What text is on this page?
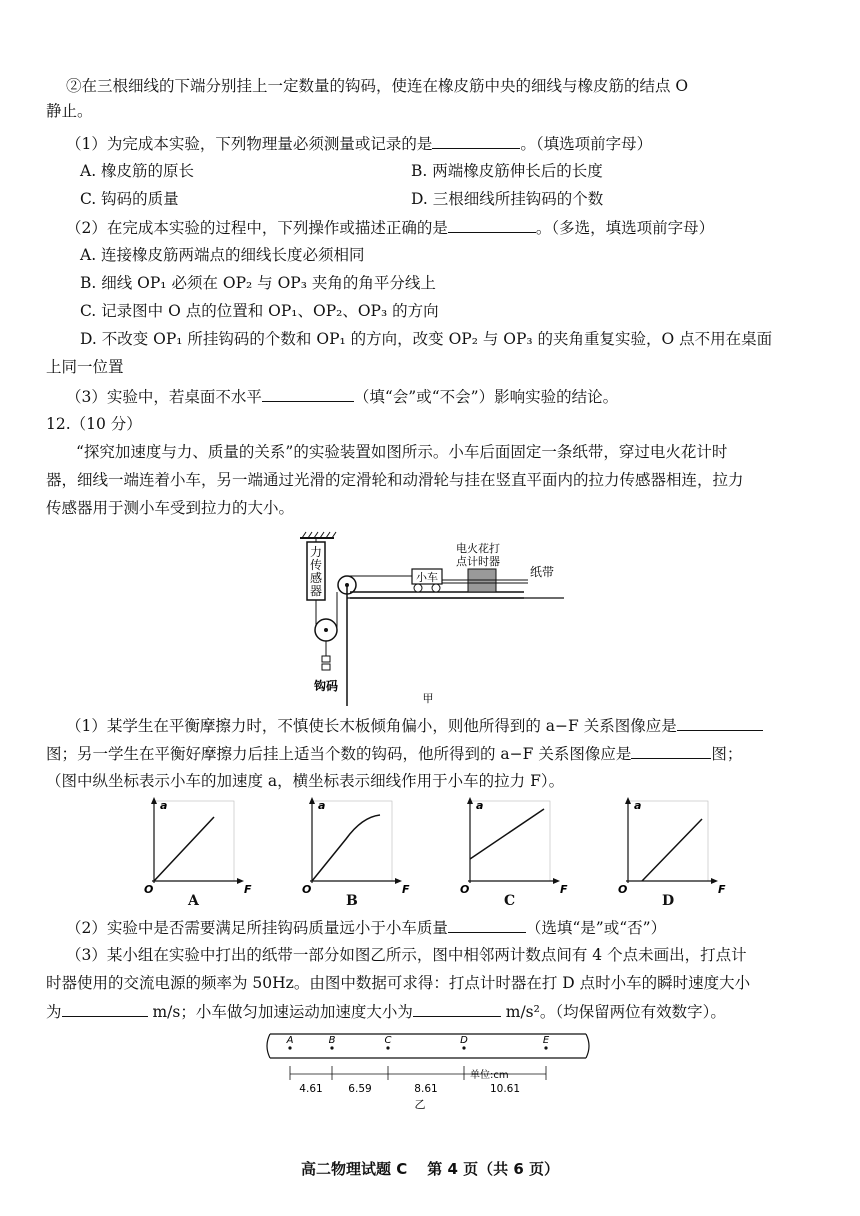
②在三根细线的下端分别挂上一定数量的钩码，使连在橡皮筋中央的细线与橡皮筋的结点 O
静止。
（1）为完成本实验，下列物理量必须测量或记录的是	。（填选项前字母）
A. 橡皮筋的原长	B. 两端橡皮筋伸长后的长度
C. 钩码的质量	D. 三根细线所挂钩码的个数
（2）在完成本实验的过程中，下列操作或描述正确的是	。（多选，填选项前字母）
A. 连接橡皮筋两端点的细线长度必须相同
B. 细线 OP₁ 必须在 OP₂ 与 OP₃ 夹角的角平分线上
C. 记录图中 O 点的位置和 OP₁、OP₂、OP₃ 的方向
D. 不改变 OP₁ 所挂钩码的个数和 OP₁ 的方向，改变 OP₂ 与 OP₃ 的夹角重复实验，O 点不用在桌面
上同一位置
（3）实验中，若桌面不水平	（填“会”或“不会”）影响实验的结论。
12.（10 分）
“探究加速度与力、质量的关系”的实验装置如图所示。小车后面固定一条纸带，穿过电火花计时
器，细线一端连着小车，另一端通过光滑的定滑轮和动滑轮与挂在竖直平面内的拉力传感器相连，拉力
传感器用于测小车受到拉力的大小。
力
传
感
器
钩码
小车
电火花打
点计时器
纸带
甲
（1）某学生在平衡摩擦力时，不慎使长木板倾角偏小，则他所得到的 a−F 关系图像应是
图；另一学生在平衡好摩擦力后挂上适当个数的钩码，他所得到的 a−F 关系图像应是	图；
（图中纵坐标表示小车的加速度 a，横坐标表示细线作用于小车的拉力 F）。
a
F
O
A
a
F
O
B
a
F
O
C
a
F
O
D
（2）实验中是否需要满足所挂钩码质量远小于小车质量	（选填“是”或“否”）
（3）某小组在实验中打出的纸带一部分如图乙所示，图中相邻两计数点间有 4 个点未画出，打点计
时器使用的交流电源的频率为 50Hz。由图中数据可求得：打点计时器在打 D 点时小车的瞬时速度大小
为	m/s；小车做匀加速运动加速度大小为	m/s²。（均保留两位有效数字）。
A	B	C	D	E
4.61 6.59	8.61	10.61
单位:cm
乙
高二物理试题 C 第 4 页（共 6 页）
